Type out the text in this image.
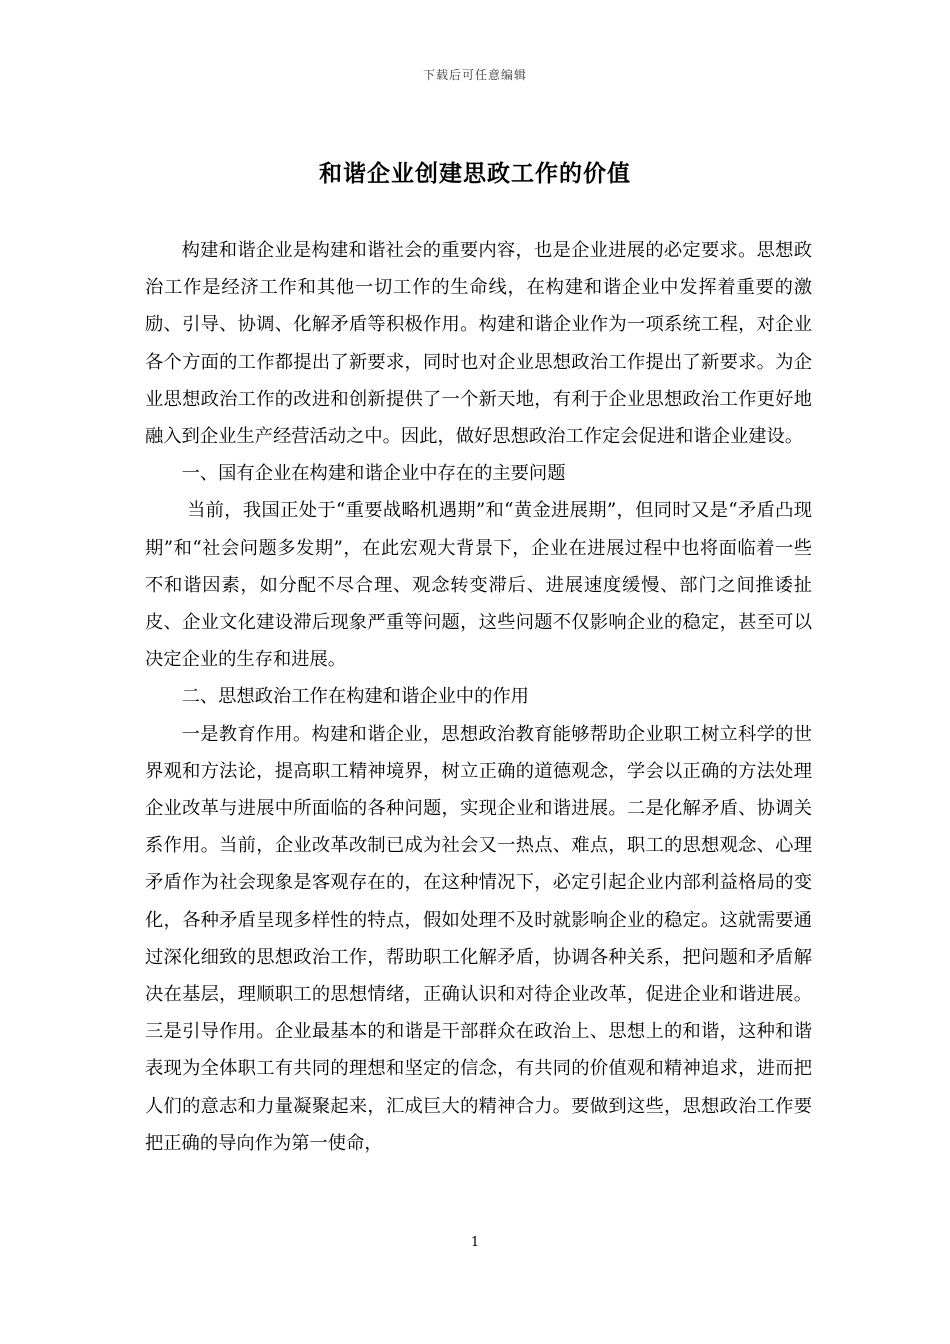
下载后可任意编辑
和谐企业创建思政工作的价值

构建和谐企业是构建和谐社会的重要内容，也是企业进展的必定要求。思想政治工作是经济工作和其他一切工作的生命线，在构建和谐企业中发挥着重要的激励、引导、协调、化解矛盾等积极作用。构建和谐企业作为一项系统工程，对企业各个方面的工作都提出了新要求，同时也对企业思想政治工作提出了新要求。为企业思想政治工作的改进和创新提供了一个新天地，有利于企业思想政治工作更好地融入到企业生产经营活动之中。因此，做好思想政治工作定会促进和谐企业建设。

一、国有企业在构建和谐企业中存在的主要问题

当前，我国正处于“重要战略机遇期”和“黄金进展期”，但同时又是“矛盾凸现期”和“社会问题多发期”，在此宏观大背景下，企业在进展过程中也将面临着一些不和谐因素，如分配不尽合理、观念转变滞后、进展速度缓慢、部门之间推诿扯皮、企业文化建设滞后现象严重等问题，这些问题不仅影响企业的稳定，甚至可以决定企业的生存和进展。

二、思想政治工作在构建和谐企业中的作用

一是教育作用。构建和谐企业，思想政治教育能够帮助企业职工树立科学的世界观和方法论，提高职工精神境界，树立正确的道德观念，学会以正确的方法处理企业改革与进展中所面临的各种问题，实现企业和谐进展。二是化解矛盾、协调关系作用。当前，企业改革改制已成为社会又一热点、难点，职工的思想观念、心理矛盾作为社会现象是客观存在的，在这种情况下，必定引起企业内部利益格局的变化，各种矛盾呈现多样性的特点，假如处理不及时就影响企业的稳定。这就需要通过深化细致的思想政治工作，帮助职工化解矛盾，协调各种关系，把问题和矛盾解决在基层，理顺职工的思想情绪，正确认识和对待企业改革，促进企业和谐进展。三是引导作用。企业最基本的和谐是干部群众在政治上、思想上的和谐，这种和谐表现为全体职工有共同的理想和坚定的信念，有共同的价值观和精神追求，进而把人们的意志和力量凝聚起来，汇成巨大的精神合力。要做到这些，思想政治工作要把正确的导向作为第一使命，

1
